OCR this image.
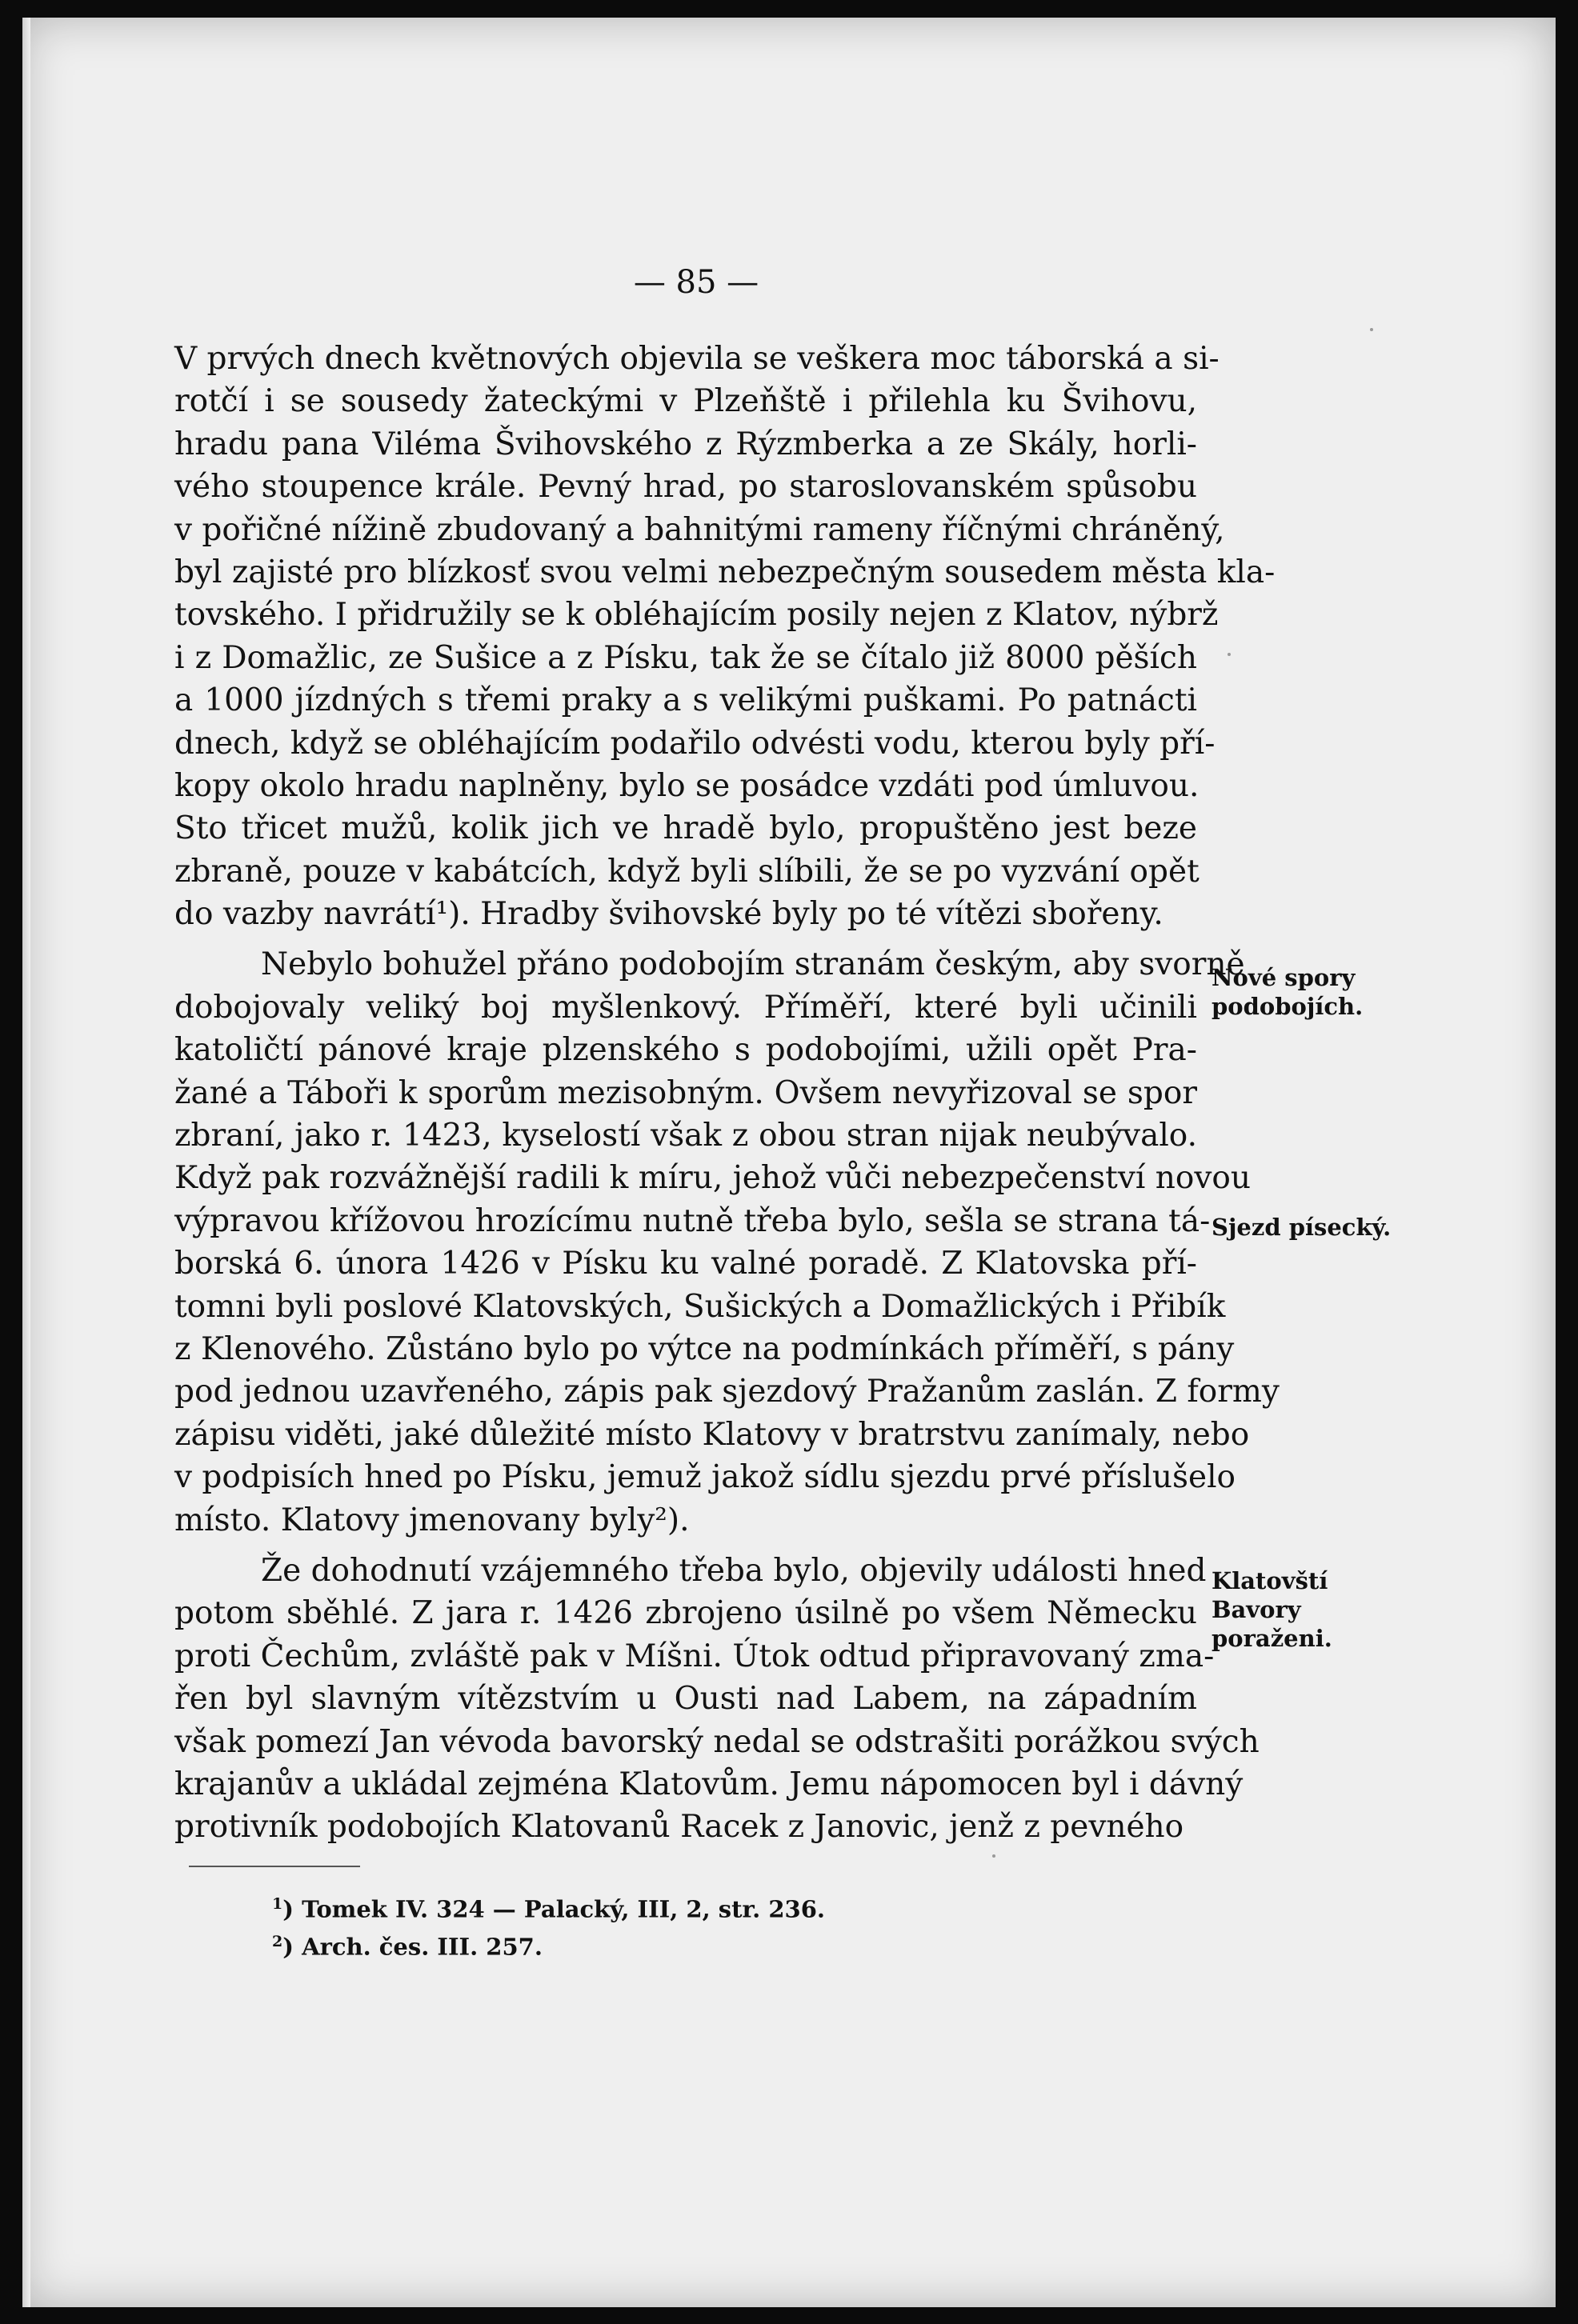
— 85 —
V prvých dnech květnových objevila se veškera moc táborská a si-
rotčí i se sousedy žateckými v Plzeňště i přilehla ku Švihovu,
hradu pana Viléma Švihovského z Rýzmberka a ze Skály, horli-
vého stoupence krále. Pevný hrad, po staroslovanském spůsobu
v pořičné nížině zbudovaný a bahnitými rameny říčnými chráněný,
byl zajisté pro blízkosť svou velmi nebezpečným sousedem města kla-
tovského. I přidružily se k obléhajícím posily nejen z Klatov, nýbrž
i z Domažlic, ze Sušice a z Písku, tak že se čítalo již 8000 pěších
a 1000 jízdných s třemi praky a s velikými puškami. Po patnácti
dnech, když se obléhajícím podařilo odvésti vodu, kterou byly pří-
kopy okolo hradu naplněny, bylo se posádce vzdáti pod úmluvou.
Sto třicet mužů, kolik jich ve hradě bylo, propuštěno jest beze
zbraně, pouze v kabátcích, když byli slíbili, že se po vyzvání opět
do vazby navrátí¹). Hradby švihovské byly po té vítězi sbořeny.
Nebylo bohužel přáno podobojím stranám českým, aby svorně
dobojovaly veliký boj myšlenkový. Příměří, které byli učinili
katoličtí pánové kraje plzenského s podobojími, užili opět Pra-
žané a Táboři k sporům mezisobným. Ovšem nevyřizoval se spor
zbraní, jako r. 1423, kyselostí však z obou stran nijak neubývalo.
Když pak rozvážnější radili k míru, jehož vůči nebezpečenství novou
výpravou křížovou hrozícímu nutně třeba bylo, sešla se strana tá-
borská 6. února 1426 v Písku ku valné poradě. Z Klatovska pří-
tomni byli poslové Klatovských, Sušických a Domažlických i Přibík
z Klenového. Zůstáno bylo po výtce na podmínkách příměří, s pány
pod jednou uzavřeného, zápis pak sjezdový Pražanům zaslán. Z formy
zápisu viděti, jaké důležité místo Klatovy v bratrstvu zanímaly, nebo
v podpisích hned po Písku, jemuž jakož sídlu sjezdu prvé příslušelo
místo. Klatovy jmenovany byly²).
Že dohodnutí vzájemného třeba bylo, objevily události hned
potom sběhlé. Z jara r. 1426 zbrojeno úsilně po všem Německu
proti Čechům, zvláště pak v Míšni. Útok odtud připravovaný zma-
řen byl slavným vítězstvím u Ousti nad Labem, na západním
však pomezí Jan vévoda bavorský nedal se odstrašiti porážkou svých
krajanův a ukládal zejména Klatovům. Jemu nápomocen byl i dávný
protivník podobojích Klatovanů Racek z Janovic, jenž z pevného
Nové spory podobojích.
Sjezd písecký.
Klatovští Bavory poraženi.
$^1$) Tomek IV. 324 — Palacký, III, 2, str. 236.
$^2$) Arch. čes. III. 257.
